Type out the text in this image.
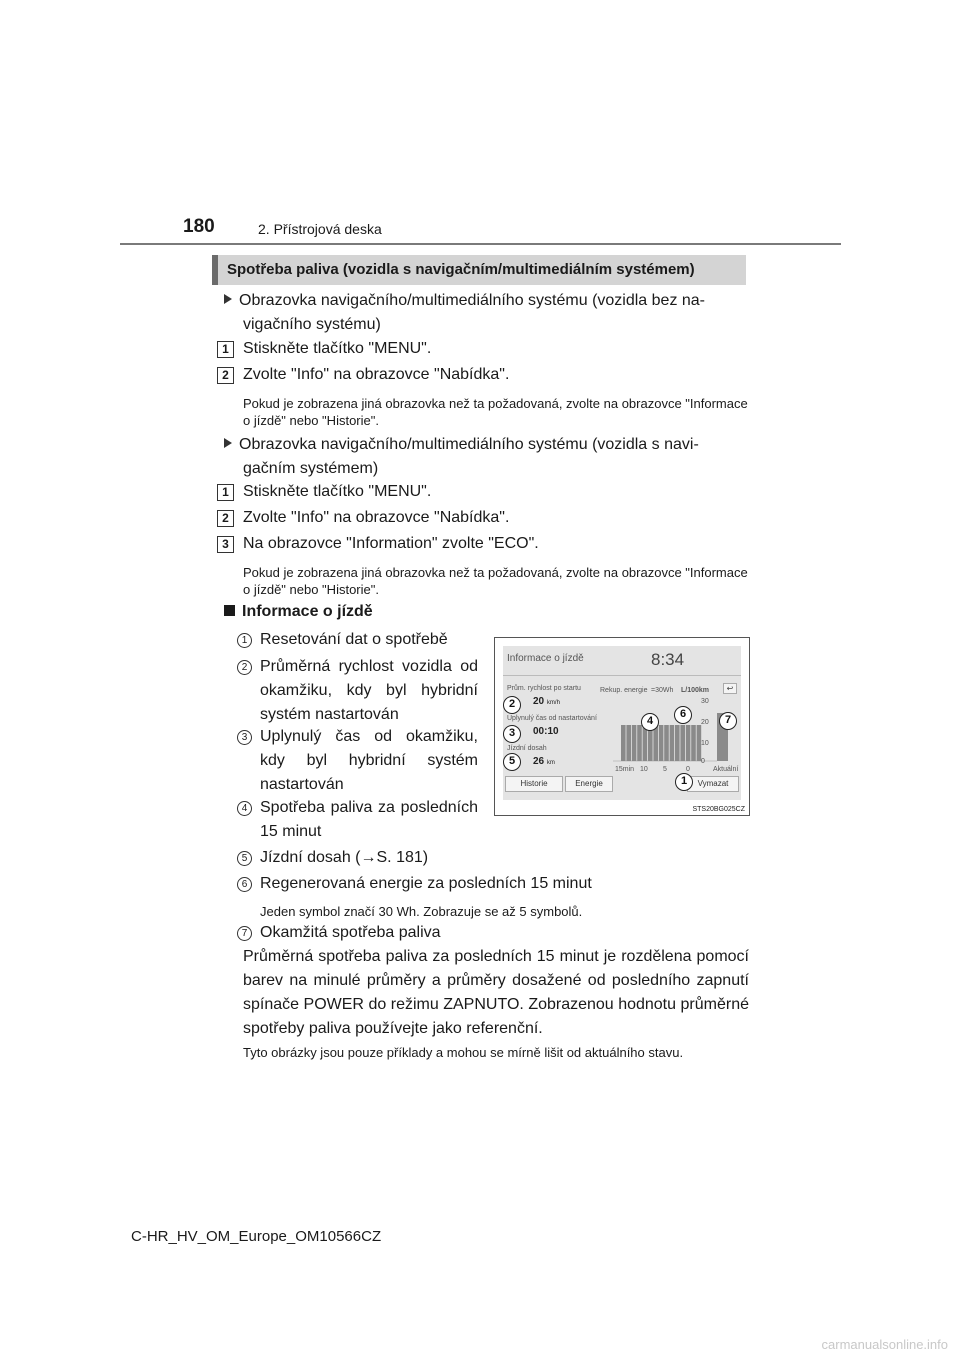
180	2. Přístrojová deska
Spotřeba paliva (vozidla s navigačním/multimediálním systémem)
Obrazovka navigačního/multimediálního systému (vozidla bez na-
vigačního systému)
1 Stiskněte tlačítko "MENU".
2 Zvolte "Info" na obrazovce "Nabídka".
Pokud je zobrazena jiná obrazovka než ta požadovaná, zvolte na obrazovce "Informace o jízdě" nebo "Historie".
Obrazovka navigačního/multimediálního systému (vozidla s navi-
gačním systémem)
1 Stiskněte tlačítko "MENU".
2 Zvolte "Info" na obrazovce "Nabídka".
3 Na obrazovce "Information" zvolte "ECO".
Pokud je zobrazena jiná obrazovka než ta požadovaná, zvolte na obrazovce "Informace o jízdě" nebo "Historie".
Informace o jízdě
1 Resetování dat o spotřebě
2 Průměrná rychlost vozidla od okamžiku, kdy byl hybridní systém nastartován
3 Uplynulý čas od okamžiku, kdy byl hybridní systém nastartován
4 Spotřeba paliva za posledních 15 minut
5 Jízdní dosah (→S. 181)
6 Regenerovaná energie za posledních 15 minut
Jeden symbol značí 30 Wh. Zobrazuje se až 5 symbolů.
7 Okamžitá spotřeba paliva
Průměrná spotřeba paliva za posledních 15 minut je rozdělena pomocí barev na minulé průměry a průměry dosažené od posledního zapnutí spínače POWER do režimu ZAPNUTO. Zobrazenou hodnotu průměrné spotřeby paliva používejte jako referenční.
Tyto obrázky jsou pouze příklady a mohou se mírně lišit od aktuálního stavu.
Informace o jízdě	8:34
Prům. rychlost po startu
20 km/h
Uplynulý čas od nastartování
00:10
Jízdní dosah
26 km
Rekup. energie =30Wh L/100km	↩
30
20
10
0
15min 10 5	0	Aktuální
Historie	Energie	Vymazat
2
3
5
4
6	7
1
STS20BG025CZ
C-HR_HV_OM_Europe_OM10566CZ
carmanualsonline.info
